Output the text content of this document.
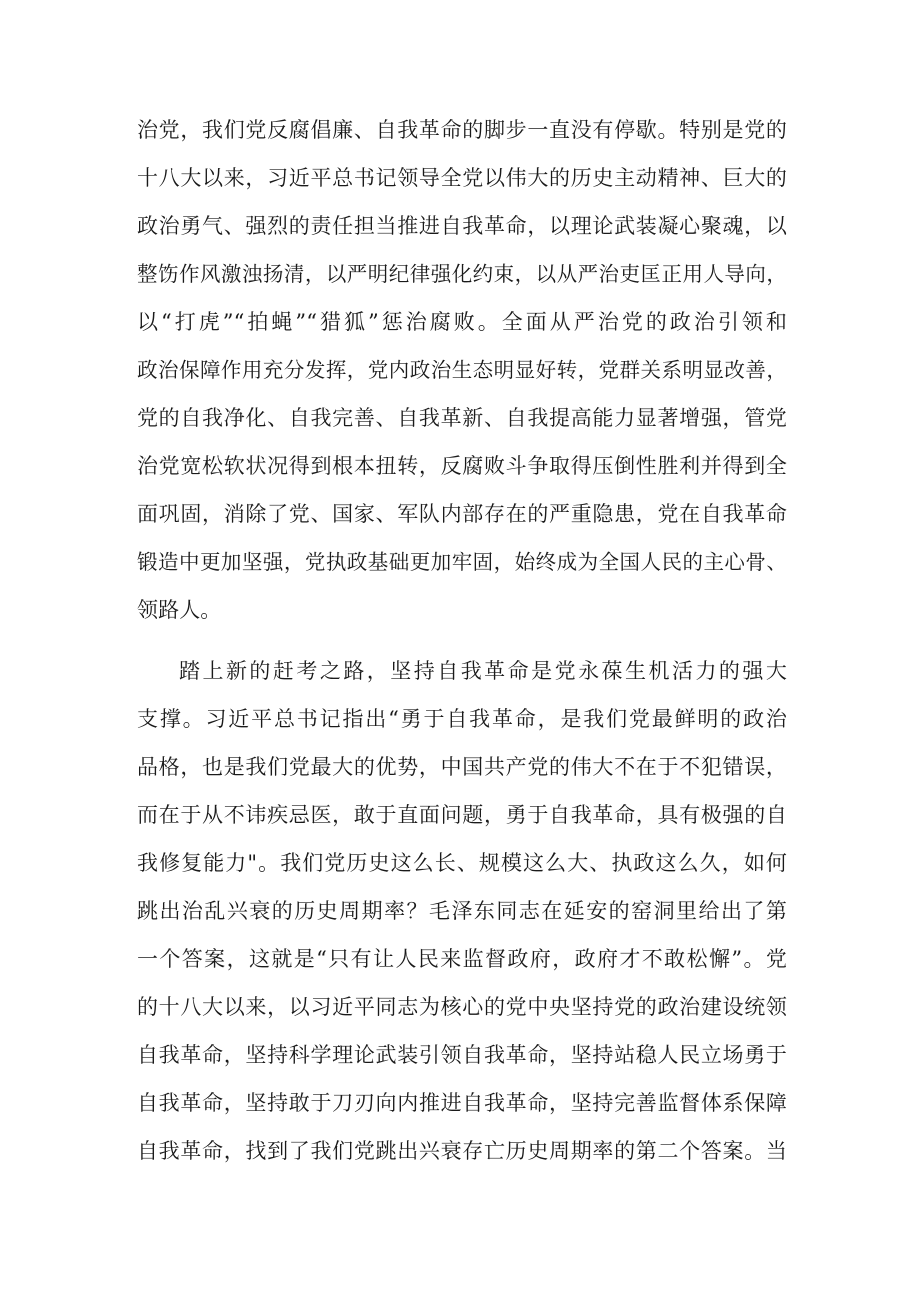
治党，我们党反腐倡廉、自我革命的脚步一直没有停歇。特别是党的
十八大以来，习近平总书记领导全党以伟大的历史主动精神、巨大的
政治勇气、强烈的责任担当推进自我革命，以理论武装凝心聚魂，以
整饬作风激浊扬清，以严明纪律强化约束，以从严治吏匡正用人导向，
以“打虎”“拍蝇”“猎狐”惩治腐败。全面从严治党的政治引领和
政治保障作用充分发挥，党内政治生态明显好转，党群关系明显改善，
党的自我净化、自我完善、自我革新、自我提高能力显著增强，管党
治党宽松软状况得到根本扭转，反腐败斗争取得压倒性胜利并得到全
面巩固，消除了党、国家、军队内部存在的严重隐患，党在自我革命
锻造中更加坚强，党执政基础更加牢固，始终成为全国人民的主心骨、
领路人。
踏上新的赶考之路，坚持自我革命是党永葆生机活力的强大
支撑。习近平总书记指出“勇于自我革命，是我们党最鲜明的政治
品格，也是我们党最大的优势，中国共产党的伟大不在于不犯错误，
而在于从不讳疾忌医，敢于直面问题，勇于自我革命，具有极强的自
我修复能力"。我们党历史这么长、规模这么大、执政这么久，如何
跳出治乱兴衰的历史周期率？毛泽东同志在延安的窑洞里给出了第
一个答案，这就是“只有让人民来监督政府，政府才不敢松懈”。党
的十八大以来，以习近平同志为核心的党中央坚持党的政治建设统领
自我革命，坚持科学理论武装引领自我革命，坚持站稳人民立场勇于
自我革命，坚持敢于刀刃向内推进自我革命，坚持完善监督体系保障
自我革命，找到了我们党跳出兴衰存亡历史周期率的第二个答案。当
